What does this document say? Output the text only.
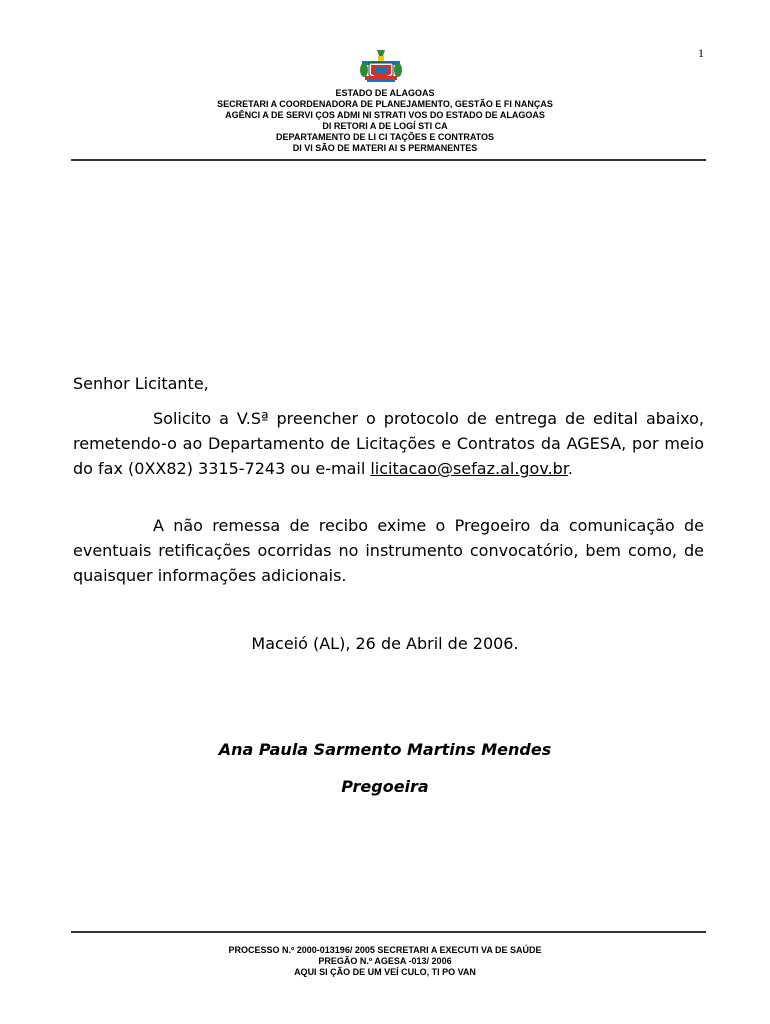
1
ESTADO DE ALAGOAS
SECRETARI A COORDENADORA DE PLANEJAMENTO, GESTÃO E FI NANÇAS
AGÊNCI A DE SERVI ÇOS ADMI NI STRATI VOS DO ESTADO DE ALAGOAS
DI RETORI A DE LOGÍ STI CA
DEPARTAMENTO DE LI CI TAÇÕES E CONTRATOS
DI VI SÃO DE MATERI AI S PERMANENTES
Senhor Licitante,
Solicito a V.Sª preencher o protocolo de entrega de edital abaixo, remetendo-o ao Departamento de Licitações e Contratos da AGESA, por meio do fax (0XX82) 3315-7243 ou e-mail licitacao@sefaz.al.gov.br.
A não remessa de recibo exime o Pregoeiro da comunicação de eventuais retificações ocorridas no instrumento convocatório, bem como, de quaisquer informações adicionais.
Maceió (AL), 26 de Abril de 2006.
Ana Paula Sarmento Martins Mendes
Pregoeira
PROCESSO N.º 2000-013196/ 2005 SECRETARI A EXECUTI VA DE SAÚDE
PREGÃO N.º AGESA -013/ 2006
AQUI SI ÇÃO DE UM VEÍ CULO, TI PO VAN
